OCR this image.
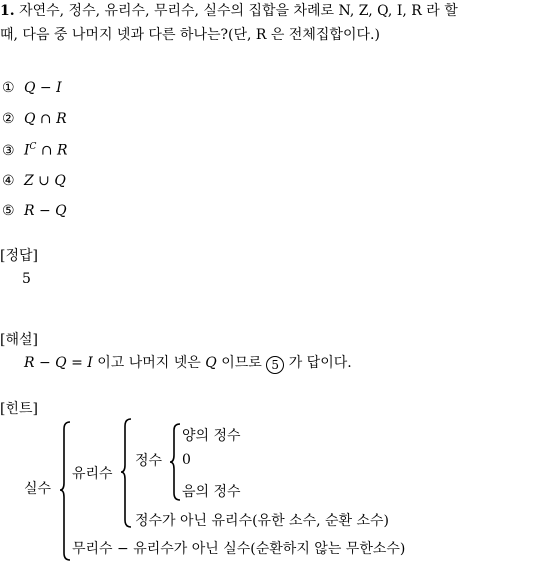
1. 자연수, 정수, 유리수, 무리수, 실수의 집합을 차례로 N, Z, Q, I, R 라 할
때, 다음 중 나머지 넷과 다른 하나는?(단, R 은 전체집합이다.)
① Q − I
② Q ∩ R
③ $I^C$ ∩ R
④ Z ∪ Q
⑤ R − Q
[정답]
5
[해설]
R − Q = I 이고 나머지 넷은 Q 이므로 5 가 답이다.
[힌트]
실수
유리수
정수
양의 정수
0
음의 정수
정수가 아닌 유리수(유한 소수, 순환 소수)
무리수 − 유리수가 아닌 실수(순환하지 않는 무한소수)
